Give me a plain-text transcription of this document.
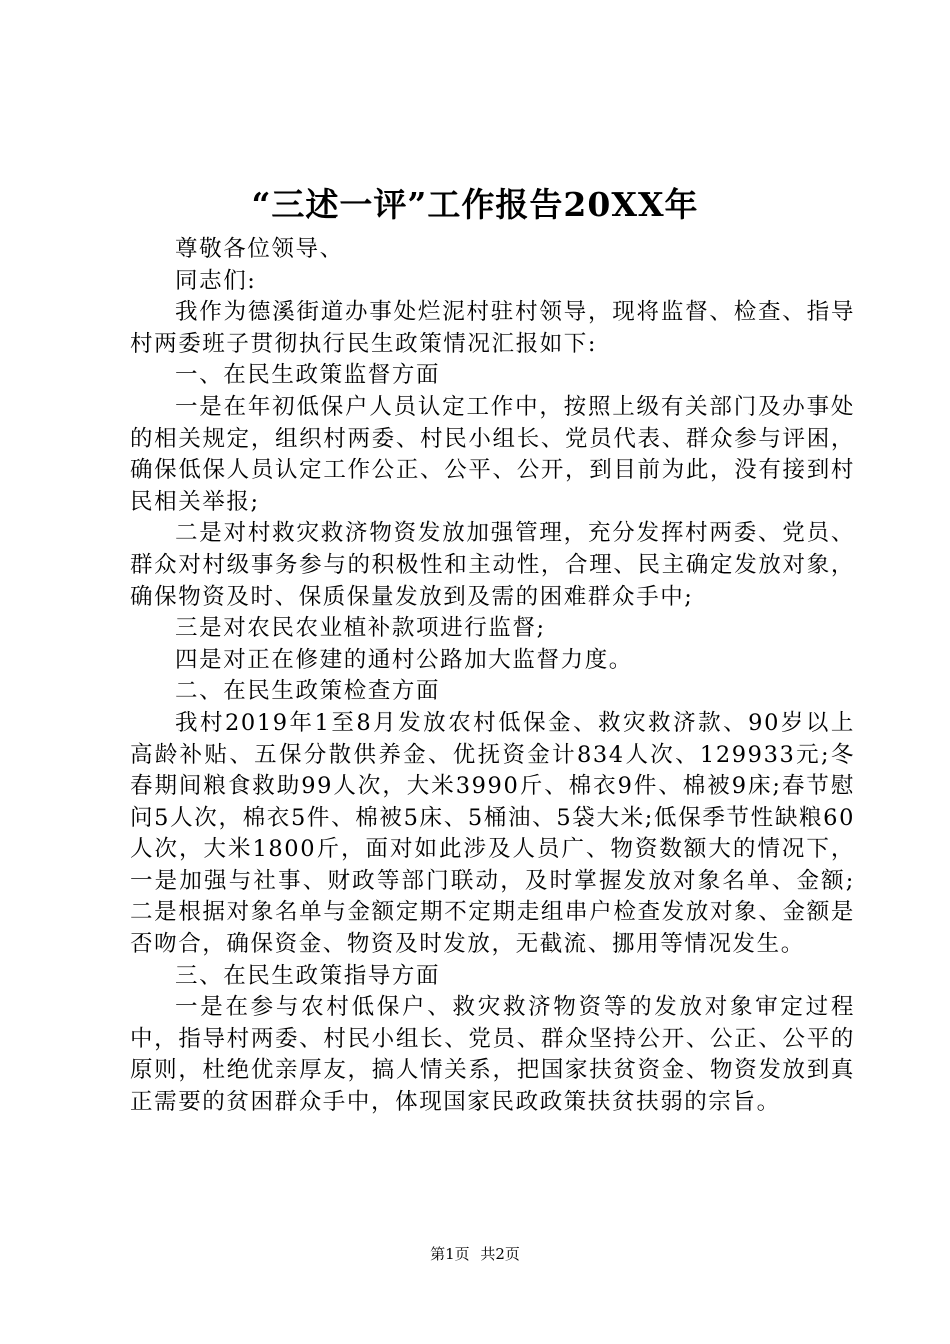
“三述一评”工作报告20XX年

尊敬各位领导、

同志们:

我作为德溪街道办事处烂泥村驻村领导，现将监督、检查、指导村两委班子贯彻执行民生政策情况汇报如下:

一、在民生政策监督方面

一是在年初低保户人员认定工作中，按照上级有关部门及办事处的相关规定，组织村两委、村民小组长、党员代表、群众参与评困，确保低保人员认定工作公正、公平、公开，到目前为此，没有接到村民相关举报;

二是对村救灾救济物资发放加强管理，充分发挥村两委、党员、群众对村级事务参与的积极性和主动性，合理、民主确定发放对象，确保物资及时、保质保量发放到及需的困难群众手中;

三是对农民农业植补款项进行监督;

四是对正在修建的通村公路加大监督力度。

二、在民生政策检查方面

我村2019年1至8月发放农村低保金、救灾救济款、90岁以上高龄补贴、五保分散供养金、优抚资金计834人次、129933元;冬春期间粮食救助99人次，大米3990斤、棉衣9件、棉被9床;春节慰问5人次，棉衣5件、棉被5床、5桶油、5袋大米;低保季节性缺粮60人次，大米1800斤，面对如此涉及人员广、物资数额大的情况下，一是加强与社事、财政等部门联动，及时掌握发放对象名单、金额;二是根据对象名单与金额定期不定期走组串户检查发放对象、金额是否吻合，确保资金、物资及时发放，无截流、挪用等情况发生。

三、在民生政策指导方面

一是在参与农村低保户、救灾救济物资等的发放对象审定过程中，指导村两委、村民小组长、党员、群众坚持公开、公正、公平的原则，杜绝优亲厚友，搞人情关系，把国家扶贫资金、物资发放到真正需要的贫困群众手中，体现国家民政政策扶贫扶弱的宗旨。

第1页 共2页
